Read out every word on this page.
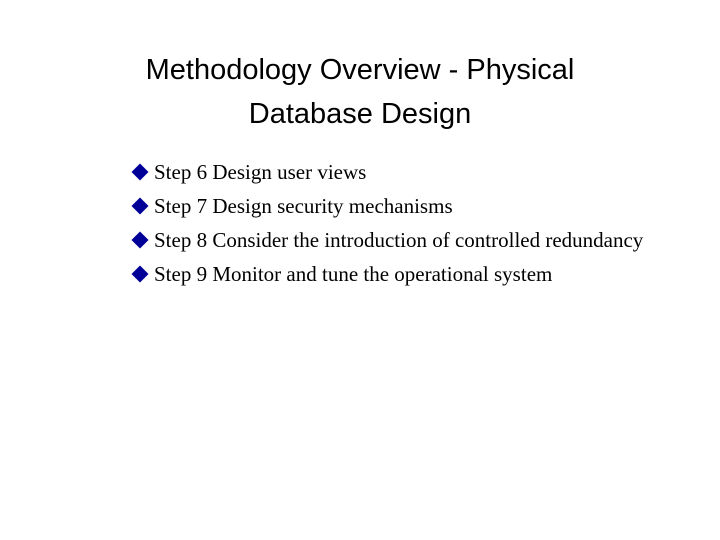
Methodology Overview - Physical
Database Design
Step 6 Design user views
Step 7 Design security mechanisms
Step 8 Consider the introduction of controlled redundancy
Step 9 Monitor and tune the operational system
